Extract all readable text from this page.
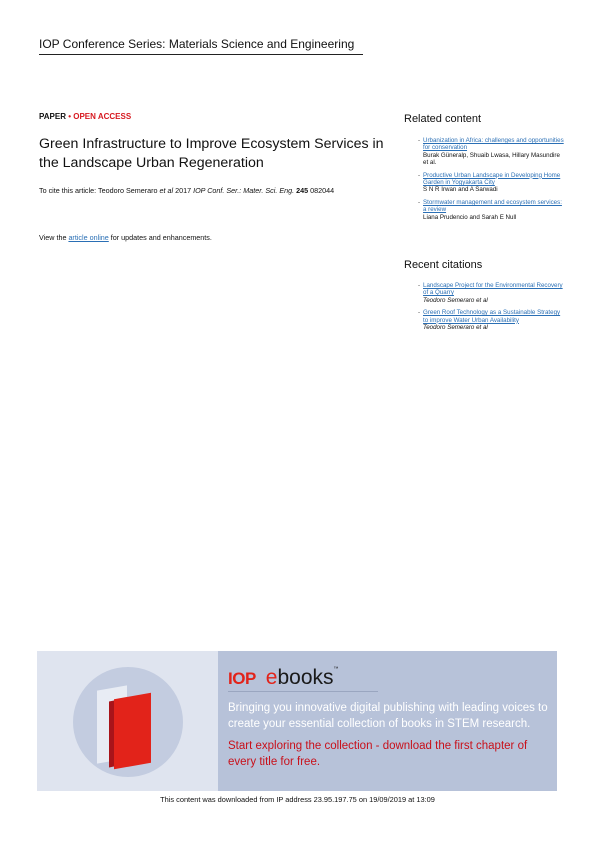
IOP Conference Series: Materials Science and Engineering
PAPER • OPEN ACCESS
Green Infrastructure to Improve Ecosystem Services in the Landscape Urban Regeneration
To cite this article: Teodoro Semeraro et al 2017 IOP Conf. Ser.: Mater. Sci. Eng. 245 082044
View the article online for updates and enhancements.
Related content
- Urbanization in Africa: challenges and opportunities for conservation
Burak Güneralp, Shuaib Lwasa, Hillary Masundire et al.
- Productive Urban Landscape in Developing Home Garden in Yogyakarta City
S N R Irwan and A Sarwadi
- Stormwater management and ecosystem services: a review
Liana Prudencio and Sarah E Null
Recent citations
- Landscape Project for the Environmental Recovery of a Quarry
Teodoro Semeraro et al
- Green Roof Technology as a Sustainable Strategy to improve Water Urban Availability
Teodoro Semeraro et al
IOP ebooks™
Bringing you innovative digital publishing with leading voices to create your essential collection of books in STEM research.
Start exploring the collection - download the first chapter of every title for free.
This content was downloaded from IP address 23.95.197.75 on 19/09/2019 at 13:09
